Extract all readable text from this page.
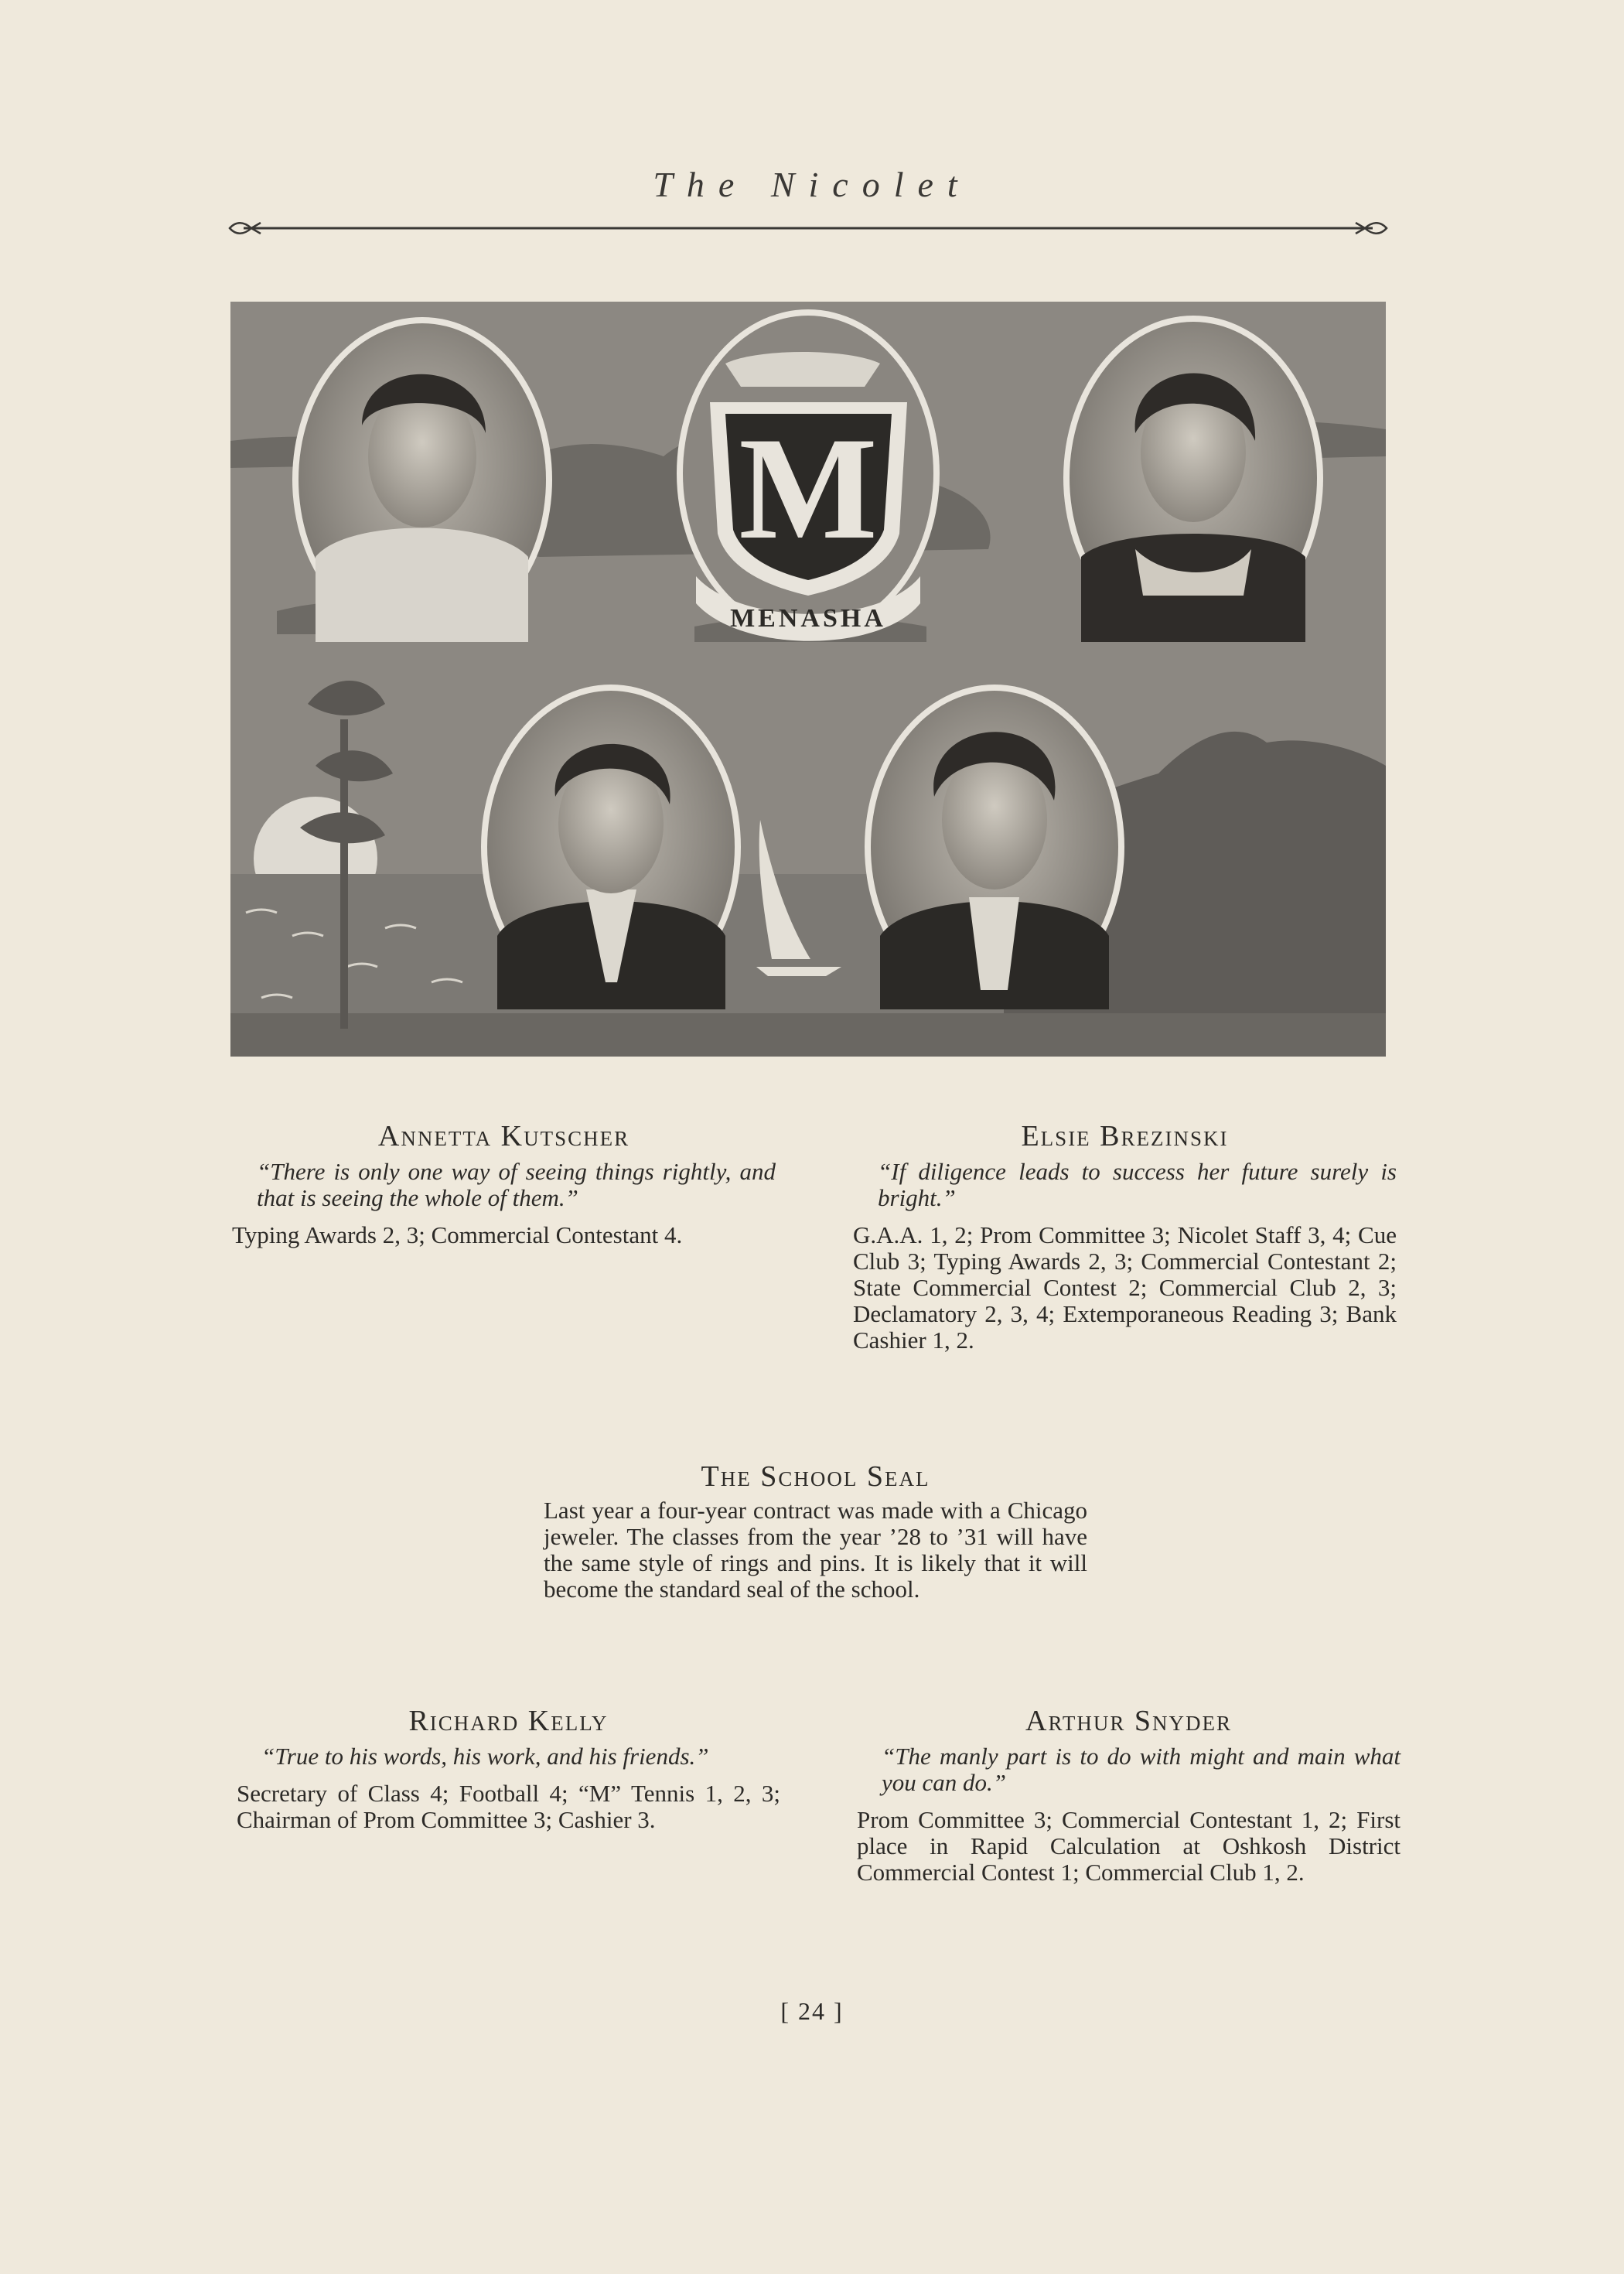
The Nicolet
M
MENASHA
Annetta Kutscher

“There is only one way of seeing things rightly, and that is seeing the whole of them.”

Typing Awards 2, 3; Commercial Contestant 4.

Elsie Brezinski

“If diligence leads to success her future surely is bright.”

G.A.A. 1, 2; Prom Committee 3; Nicolet Staff 3, 4; Cue Club 3; Typing Awards 2, 3; Commercial Contestant 2; State Commercial Contest 2; Commercial Club 2, 3; Declamatory 2, 3, 4; Extemporaneous Reading 3; Bank Cashier 1, 2.

The School Seal

Last year a four-year contract was made with a Chicago jeweler. The classes from the year ’28 to ’31 will have the same style of rings and pins. It is likely that it will become the standard seal of the school.

Richard Kelly

“True to his words, his work, and his friends.”

Secretary of Class 4; Football 4; “M” Tennis 1, 2, 3; Chairman of Prom Committee 3; Cashier 3.

Arthur Snyder

“The manly part is to do with might and main what you can do.”

Prom Committee 3; Commercial Contestant 1, 2; First place in Rapid Calculation at Oshkosh District Commercial Contest 1; Commercial Club 1, 2.

[ 24 ]
